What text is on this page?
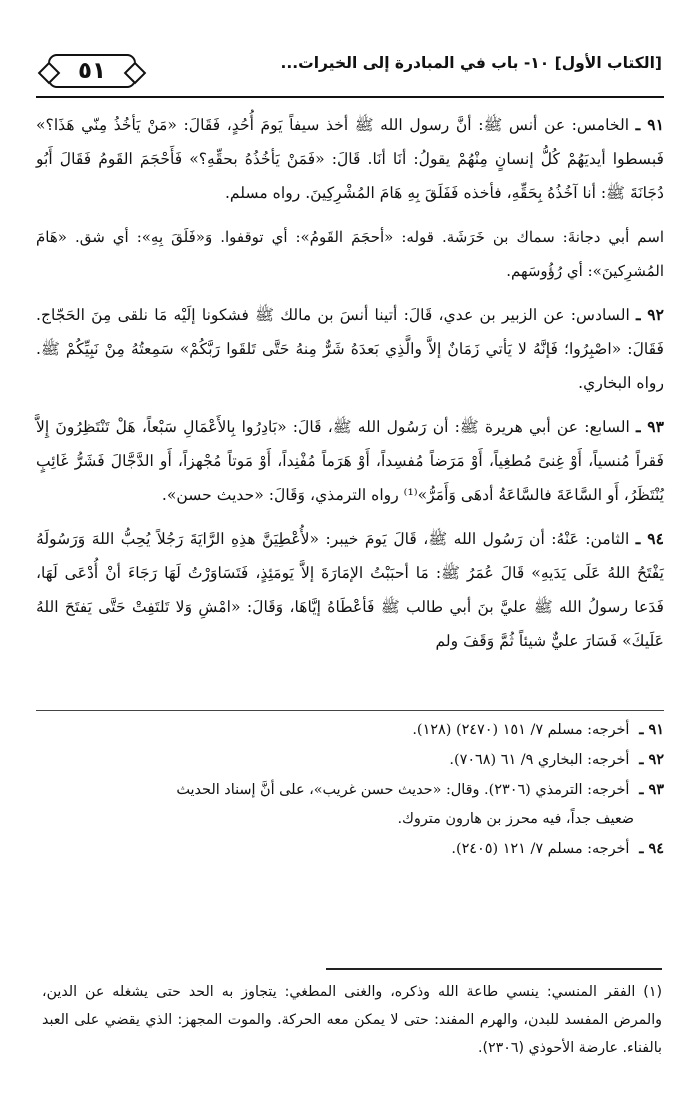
٥١	[الكتاب الأول] ١٠- باب في المبادرة إلى الخيرات...

٩١ ـ الخامس: عن أنس ﷺ: أنَّ رسول الله ﷺ أخذ سيفاً يَومَ أُحُدٍ، فَقَالَ: «مَنْ يَأخُذُ مِنّي هَذَا؟» فَبسطوا أيديَهُمْ كُلُّ إنسانٍ مِنْهُمْ يقولُ: أنَا أنَا. قَالَ: «فَمَنْ يَأخُذُهُ بحقِّهِ؟» فَأَحْجَمَ القَومُ فَقَالَ أَبُو دُجَانَةَ ﷺ: أنا آخُذُهُ بِحَقِّهِ، فأخذه فَفَلَقَ بِهِ هَامَ المُشْرِكِينَ. رواه مسلم.

اسم أبي دجانةَ: سماك بن خَرَشَة. قوله: «أحجَمَ القَومُ»: أي توقفوا. وَ«فَلَقَ بِهِ»: أي شق. «هَامَ المُشرِكينَ»: أي رُؤُوسَهم.

٩٢ ـ السادس: عن الزبير بن عدي، قَالَ: أتينا أنسَ بن مالك ﷺ فشكونا إلَيْه مَا نلقى مِنَ الحَجّاج. فَقَالَ: «اصْبِرُوا؛ فَإنَّهُ لا يَأتي زَمَانٌ إلاَّ والَّذِي بَعدَهُ شَرٌّ مِنهُ حَتَّى تَلقَوا رَبَّكُمْ» سَمِعتُهُ مِنْ نَبِيِّكُمْ ﷺ. رواه البخاري.

٩٣ ـ السابع: عن أبي هريرة ﷺ: أن رَسُول الله ﷺ، قَالَ: «بَادِرُوا بِالأَعْمَالِ سَبْعاً، هَلْ تَنْتَظِرُونَ إِلاَّ فَقراً مُنسياً، أَوْ غِنىً مُطغِياً، أَوْ مَرَضاً مُفسِداً، أَوْ هَرَماً مُفْنِداً، أَوْ مَوتاً مُجْهزاً، أَو الدَّجَّالَ فَشَرُّ غَائِبٍ يُنْتَظَرُ، أَو السَّاعَةَ فالسَّاعَةُ أدهَى وَأَمَرُّ»⁽¹⁾ رواه الترمذي، وَقَالَ: «حديث حسن».

٩٤ ـ الثامن: عَنْهُ: أن رَسُول الله ﷺ، قَالَ يَومَ خيبر: «لأُعْطِيَنَّ هذِهِ الرَّايَةَ رَجُلاً يُحِبُّ اللهَ وَرَسُولَهُ يَفْتَحُ اللهُ عَلَى يَدَيهِ» قَالَ عُمَرُ ﷺ: مَا أحبَبْتُ الإمَارَةَ إلاَّ يَومَئِذٍ، فَتَسَاوَرْتُ لَهَا رَجَاءَ أنْ أُدْعَى لَهَا، فَدَعا رسولُ الله ﷺ عليَّ بنَ أبي طالب ﷺ فَأعْطَاهُ إيَّاهَا، وَقَالَ: «امْشِ وَلا تَلتَفِتْ حَتَّى يَفتَحَ اللهُ عَلَيكَ» فَسَارَ عليٌّ شيئاً ثُمَّ وَقَفَ ولم

٩١ ـ أخرجه: مسلم ٧/ ١٥١ (٢٤٧٠) (١٢٨).

٩٢ ـ أخرجه: البخاري ٩/ ٦١ (٧٠٦٨).

٩٣ ـ أخرجه: الترمذي (٢٣٠٦). وقال: «حديث حسن غريب»، على أنَّ إسناد الحديث

ضعيف جداً، فيه محرز بن هارون متروك.

٩٤ ـ أخرجه: مسلم ٧/ ١٢١ (٢٤٠٥).

(١) الفقر المنسي: ينسي طاعة الله وذكره، والغنى المطغي: يتجاوز به الحد حتى يشغله عن الدين، والمرض المفسد للبدن، والهرم المفند: حتى لا يمكن معه الحركة. والموت المجهز: الذي يقضي على العبد بالفناء. عارضة الأحوذي (٢٣٠٦).
